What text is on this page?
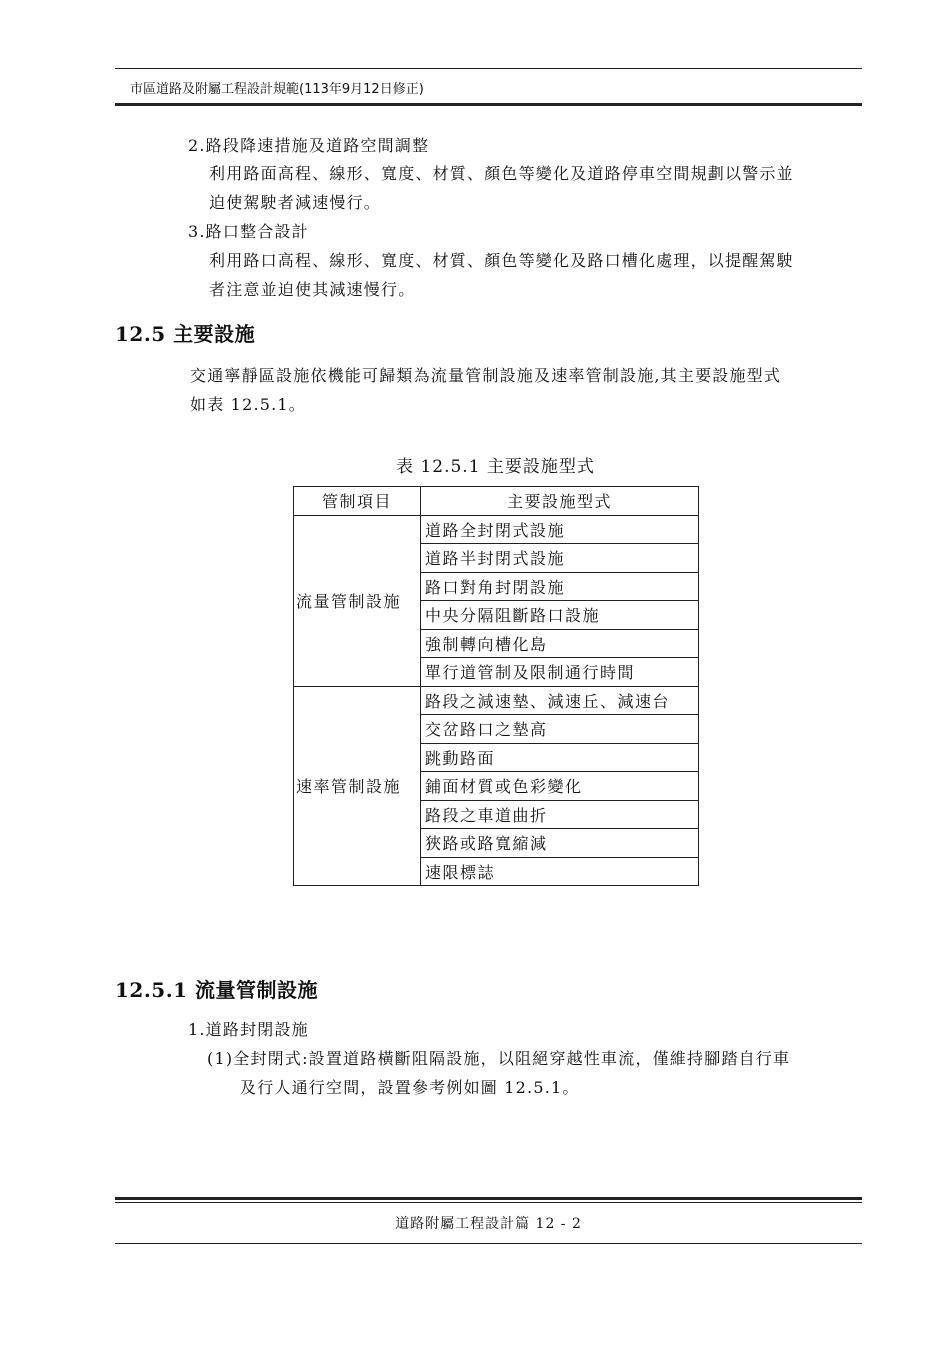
市區道路及附屬工程設計規範(113年9月12日修正)
2.路段降速措施及道路空間調整
利用路面高程、線形、寬度、材質、顏色等變化及道路停車空間規劃以警示並
迫使駕駛者減速慢行。
3.路口整合設計
利用路口高程、線形、寬度、材質、顏色等變化及路口槽化處理，以提醒駕駛
者注意並迫使其減速慢行。
12.5 主要設施
交通寧靜區設施依機能可歸類為流量管制設施及速率管制設施,其主要設施型式
如表 12.5.1。
表 12.5.1 主要設施型式
管制項目	主要設施型式
流量管制設施	道路全封閉式設施
	道路半封閉式設施
	路口對角封閉設施
	中央分隔阻斷路口設施
	強制轉向槽化島
	單行道管制及限制通行時間
速率管制設施	路段之減速墊、減速丘、減速台
	交岔路口之墊高
	跳動路面
	鋪面材質或色彩變化
	路段之車道曲折
	狹路或路寬縮減
	速限標誌
12.5.1 流量管制設施
1.道路封閉設施
(1)全封閉式:設置道路橫斷阻隔設施，以阻絕穿越性車流，僅維持腳踏自行車
及行人通行空間，設置參考例如圖 12.5.1。
道路附屬工程設計篇 12 - 2
